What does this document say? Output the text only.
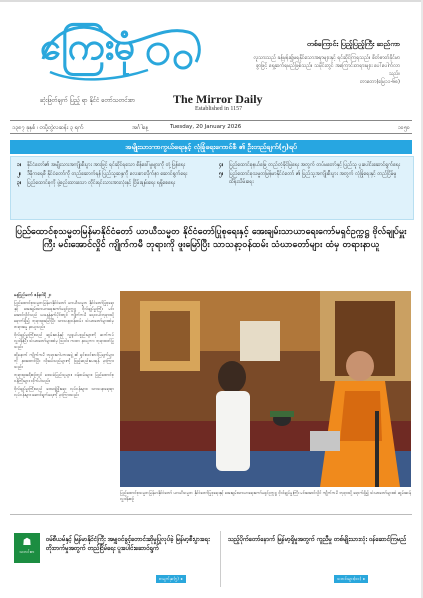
ကြေးမုံ
ဆုံးဖြတ်ချက် ပြည့် ရာ နိုင်ငံ တော်သတင်းစာ	The Mirror Daily
Established in 1157
တစ်ကြောင်း ပြည့်ပြည့်ကြီး ဆည်ကာ
လူသားသည် ခန့်မှန်း၍မရနိုင်သောအရာများနှင့် ရင်ဆိုင်ကြရသည်။ စိတ်ဓာတ်ခိုင်မာစွာဖြင့် ရှေ့ဆက်ရမည်ဖြစ်သည်။ သမိုင်းတွင် အကြောင်းတရားများ ပေါ်ပေါက်လာသည်။
တာတော(မြေ၁၁-၆၈)
၁၃၈၇ ခုနှစ် ၊ တပို့တွဲလဆန်း ၃ ရက်	အင်္ဂါနေ့	Tuesday, 20 January 2026	၁၀၅၀
အမျိုးသားကာကွယ်ရေးနှင့် လုံခြုံရေးကောင်စီ ၏ ဦးတည်ချက်(၅)ရပ်
၁။ နိုင်ငံတော်၏ အမျိုးသားအကျိုးစီးပွား အားဖြင့် ရင်ဆိုင်ရသော စိန်ခေါ်မှုများကို တုံ့ပြန်ရေး
၂။ ဒီမိုကရေစီ နိုင်ငံတော်ကို တည်ဆောက်ရန် ပြည်သူ့ဆန္ဒကို လေးစားလိုက်နာ ဆောင်ရွက်ရေး
၃။ ပြည်ထောင်စုကို ဖွဲ့စည်းထားသော တိုင်းရင်းသားအားလုံးနှင့် ငြိမ်းချမ်းရေး ရရှိစေရေး
၄။ ပြည်ထောင်စုနယ်မြေ တည်တံ့ခိုင်မြဲရေး အတွက် တပ်မတော်နှင့် ပြည်သူ ပူးပေါင်းဆောင်ရွက်ရေး
၅။ ပြည်ထောင်စုသမ္မတမြန်မာနိုင်ငံတော် ၏ ပြည်သူ့အကျိုးစီးပွား အတွက် လုံခြုံရေးနှင့် တည်ငြိမ်မှု ထိန်းသိမ်းရေး
ပြည်ထောင်စုသမ္မတမြန်မာနိုင်ငံတော် ယာယီသမ္မတ နိုင်ငံတော်ပြုစုရေးနှင့် အေးချမ်းသာယာရေးကော်မရှင်ဥက္ကဋ္ဌ ဗိုလ်ချုပ်မှူးကြီး မင်းအောင်လှိုင် ကျိုက်ကမီ ဘုရားကို ဖူးမြော်ပြီး သာသနာ့ဝန်ထမ်း သံဃာတော်များ ထံမှ တရားနာယူ
နေပြည်တော် ဇန်နဝါရီ ၂၀
ပြည်ထောင်စုသမ္မတမြန်မာနိုင်ငံတော် ယာယီသမ္မတ နိုင်ငံတော်ပြုစုရေးနှင့် အေးချမ်းသာယာရေးကော်မရှင်ဥက္ကဋ္ဌ ဗိုလ်ချုပ်မှူးကြီး မင်းအောင်လှိုင်သည် ယနေ့နံနက်ပိုင်းတွင် ကျိုက်ကမီ ရေလယ်ဘုရားသို့ ရောက်ရှိ၍ ဘုရားဖူးမြော်ပြီး သာသနာ့ဝန်ထမ်း သံဃာတော်များထံမှ တရားဓမ္မ နာယူသည်။
ဗိုလ်ချုပ်မှူးကြီးသည် ဆွမ်းဆန်နှင့် လှူဖွယ်ပစ္စည်းများကို ဆက်ကပ်လှူဒါန်းပြီး သံဃာတော်များထံမှ ဩဝါဒ ကထာ နာယူကာ ဘုရားဝတ်ပြုသည်။
ထို့နောက် ကျိုက်ကမီ ဘုရားဂေါပကအဖွဲ့ ၏ ရှင်းလင်းတင်ပြချက်များကို နားထောင်ပြီး လိုအပ်သည်များကို ဖြည့်ဆည်းပေးရန် မှာကြားသည်။
ဘုရားဖူးခရီးစဉ်တွင် ဒေသခံပြည်သူများ၊ ဝန်ထမ်းများ၊ ပြည်ထောင်စုဝန်ကြီးများ လိုက်ပါသည်။
ဗိုလ်ချုပ်မှူးကြီးသည် ဒေသဖွံ့ဖြိုးရေး လုပ်ငန်းများ၊ သာသနာရေးရာလုပ်ငန်းများ ဆောင်ရွက်ရေးကို မှာကြားသည်။
ပြည်ထောင်စုသမ္မတမြန်မာနိုင်ငံတော် ယာယီသမ္မတ နိုင်ငံတော်ပြုစုရေးနှင့် အေးချမ်းသာယာရေးကော်မရှင်ဥက္ကဋ္ဌ ဗိုလ်ချုပ်မှူးကြီး မင်းအောင်လှိုင် ကျိုက်ကမီ ဘုရားသို့ ရောက်ရှိ၍ သံဃာတော်များထံ ဆွမ်းဆန်လှူဒါန်းစဉ်
☗
သတင်းစာ
ဝမ်စီယမ်နှင့် မြန်မာနိုင်ငံကြီး အမျှဝင်ခွင့်တောင်းဆိုမှုပြုလုပ်ခဲ့ မြန်မာ့စီးပွားရေး တိုးတက်မှုအတွက် တည်ငြိမ်ရေး ပူးပေါင်းဆောင်ရွက်
စာမျက်နှာ(၅) ▸
သည့်ပိုက်တော်နောက် မြန်မာ့ရှိမှုအတွက် ကူညီမှု တစ်မျိုးသားလုံး ဝန်ဆောင်ကြမည်
သတင်းများ(၁၀) ▸
